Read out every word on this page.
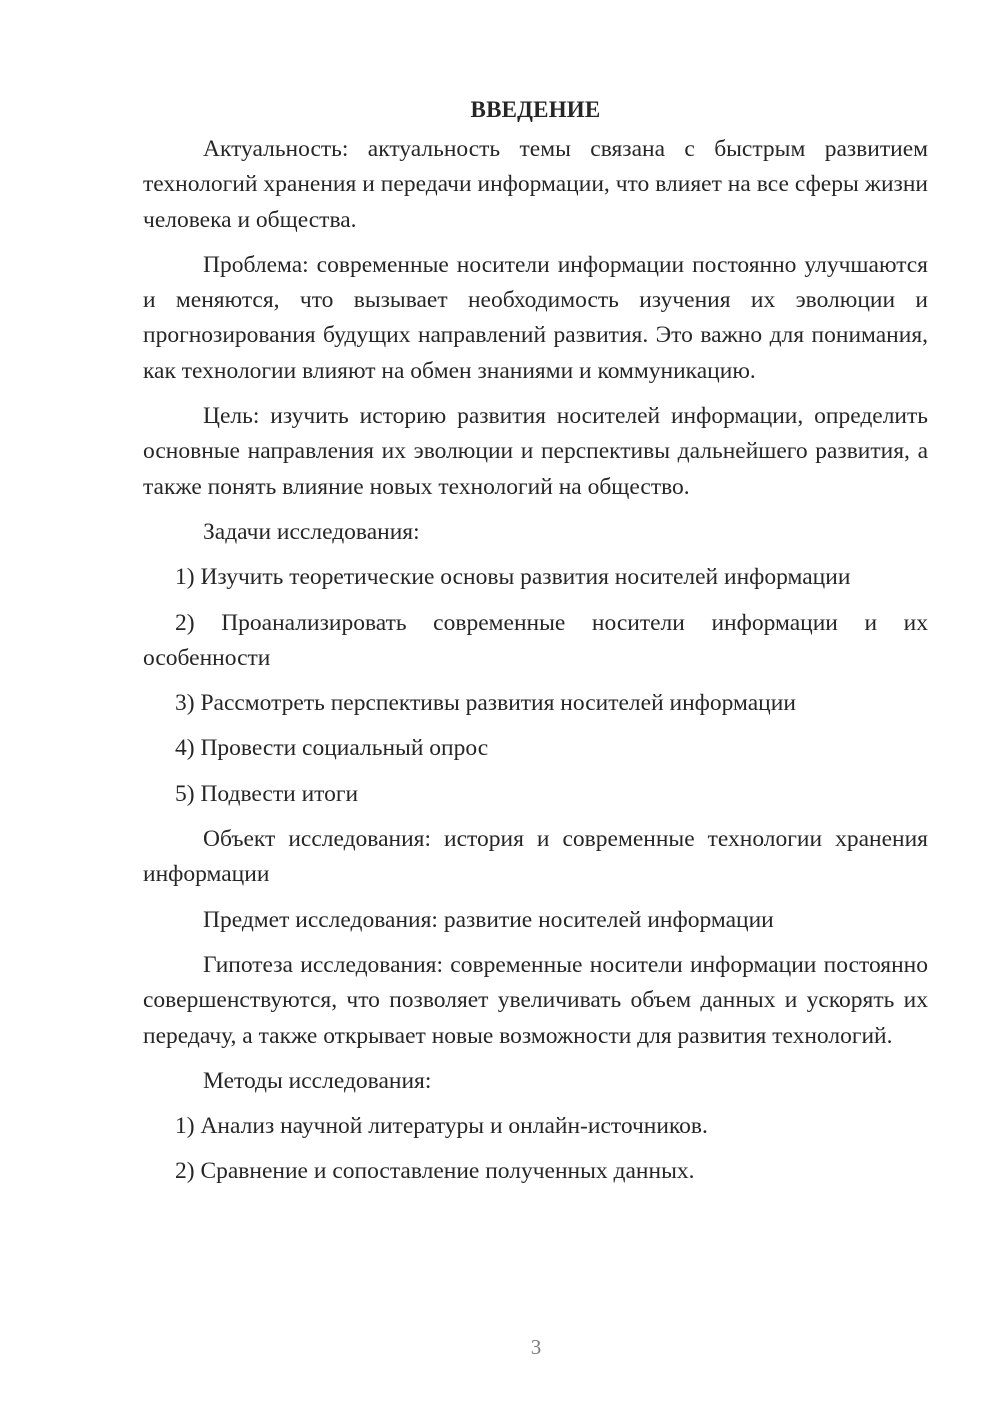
ВВЕДЕНИЕ

Актуальность: актуальность темы связана с быстрым развитием технологий хранения и передачи информации, что влияет на все сферы жизни человека и общества.

Проблема: современные носители информации постоянно улучшаются и меняются, что вызывает необходимость изучения их эволюции и прогнозирования будущих направлений развития. Это важно для понимания, как технологии влияют на обмен знаниями и коммуникацию.

Цель: изучить историю развития носителей информации, определить основные направления их эволюции и перспективы дальнейшего развития, а также понять влияние новых технологий на общество.

Задачи исследования:

1) Изучить теоретические основы развития носителей информации

2) Проанализировать современные носители информации и их особенности

3) Рассмотреть перспективы развития носителей информации

4) Провести социальный опрос

5) Подвести итоги

Объект исследования: история и современные технологии хранения информации

Предмет исследования: развитие носителей информации

Гипотеза исследования: современные носители информации постоянно совершенствуются, что позволяет увеличивать объем данных и ускорять их передачу, а также открывает новые возможности для развития технологий.

Методы исследования:

1) Анализ научной литературы и онлайн-источников.

2) Сравнение и сопоставление полученных данных.

3
